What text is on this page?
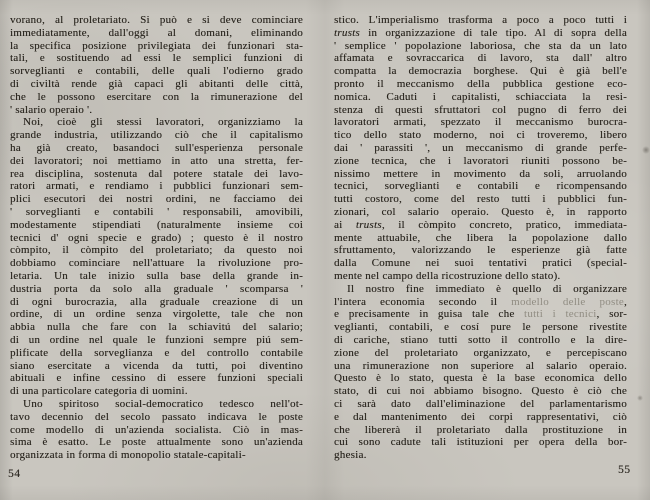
vorano, al proletariato. Si può e si deve cominciare
immediatamente, dall'oggi al domani, eliminando
la specifica posizione privilegiata dei funzionari sta-
tali, e sostituendo ad essi le semplici funzioni di
sorveglianti e contabili, delle quali l'odierno grado
di civiltà rende già capaci gli abitanti delle città,
che le possono esercitare con la rimunerazione del
' salario operaio '.
Noi, cioè gli stessi lavoratori, organizziamo la
grande industria, utilizzando ciò che il capitalismo
ha già creato, basandoci sull'esperienza personale
dei lavoratori; noi mettiamo in atto una stretta, fer-
rea disciplina, sostenuta dal potere statale dei lavo-
ratori armati, e rendiamo i pubblici funzionari sem-
plici esecutori dei nostri ordini, ne facciamo dei
' sorveglianti e contabili ' responsabili, amovibili,
modestamente stipendiati (naturalmente insieme coi
tecnici d' ogni specie e grado) ; questo è il nostro
còmpito, il còmpito del proletariato; da questo noi
dobbiamo cominciare nell'attuare la rivoluzione pro-
letaria. Un tale inizio sulla base della grande in-
dustria porta da solo alla graduale ' scomparsa '
di ogni burocrazia, alla graduale creazione di un
ordine, di un ordine senza virgolette, tale che non
abbia nulla che fare con la schiavitú del salario;
di un ordine nel quale le funzioni sempre piú sem-
plificate della sorveglianza e del controllo contabile
siano esercitate a vicenda da tutti, poi diventino
abituali e infine cessino di essere funzioni speciali
di una particolare categoria di uomini.
Uno spiritoso social-democratico tedesco nell'ot-
tavo decennio del secolo passato indicava le poste
come modello di un'azienda socialista. Ciò in mas-
sima è esatto. Le poste attualmente sono un'azienda
organizzata in forma di monopolio statale-capitali-
54
stico. L'imperialismo trasforma a poco a poco tutti i
trusts in organizzazione di tale tipo. Al di sopra della
' semplice ' popolazione laboriosa, che sta da un lato
affamata e sovraccarica di lavoro, sta dall' altro
compatta la democrazia borghese. Qui è già bell'e
pronto il meccanismo della pubblica gestione eco-
nomica. Caduti i capitalisti, schiacciata la resi-
stenza di questi sfruttatori col pugno di ferro dei
lavoratori armati, spezzato il meccanismo burocra-
tico dello stato moderno, noi ci troveremo, libero
dai ' parassiti ', un meccanismo di grande perfe-
zione tecnica, che i lavoratori riuniti possono be-
nissimo mettere in movimento da soli, arruolando
tecnici, sorveglianti e contabili e ricompensando
tutti costoro, come del resto tutti i pubblici fun-
zionari, col salario operaio. Questo è, in rapporto
ai trusts, il còmpito concreto, pratico, immediata-
mente attuabile, che libera la popolazione dallo
sfruttamento, valorizzando le esperienze già fatte
dalla Comune nei suoi tentativi pratici (special-
mente nel campo della ricostruzione dello stato).
Il nostro fine immediato è quello di organizzare
l'intera economia secondo il modello delle poste,
e precisamente in guisa tale che tutti i tecnici, sor-
veglianti, contabili, e cosí pure le persone rivestite
di cariche, stiano tutti sotto il controllo e la dire-
zione del proletariato organizzato, e percepiscano
una rimunerazione non superiore al salario operaio.
Questo è lo stato, questa è la base economica dello
stato, di cui noi abbiamo bisogno. Questo è ciò che
ci sarà dato dall'eliminazione del parlamentarismo
e dal mantenimento dei corpi rappresentativi, ciò
che libererà il proletariato dalla prostituzione in
cui sono cadute tali istituzioni per opera della bor-
ghesia.
55
